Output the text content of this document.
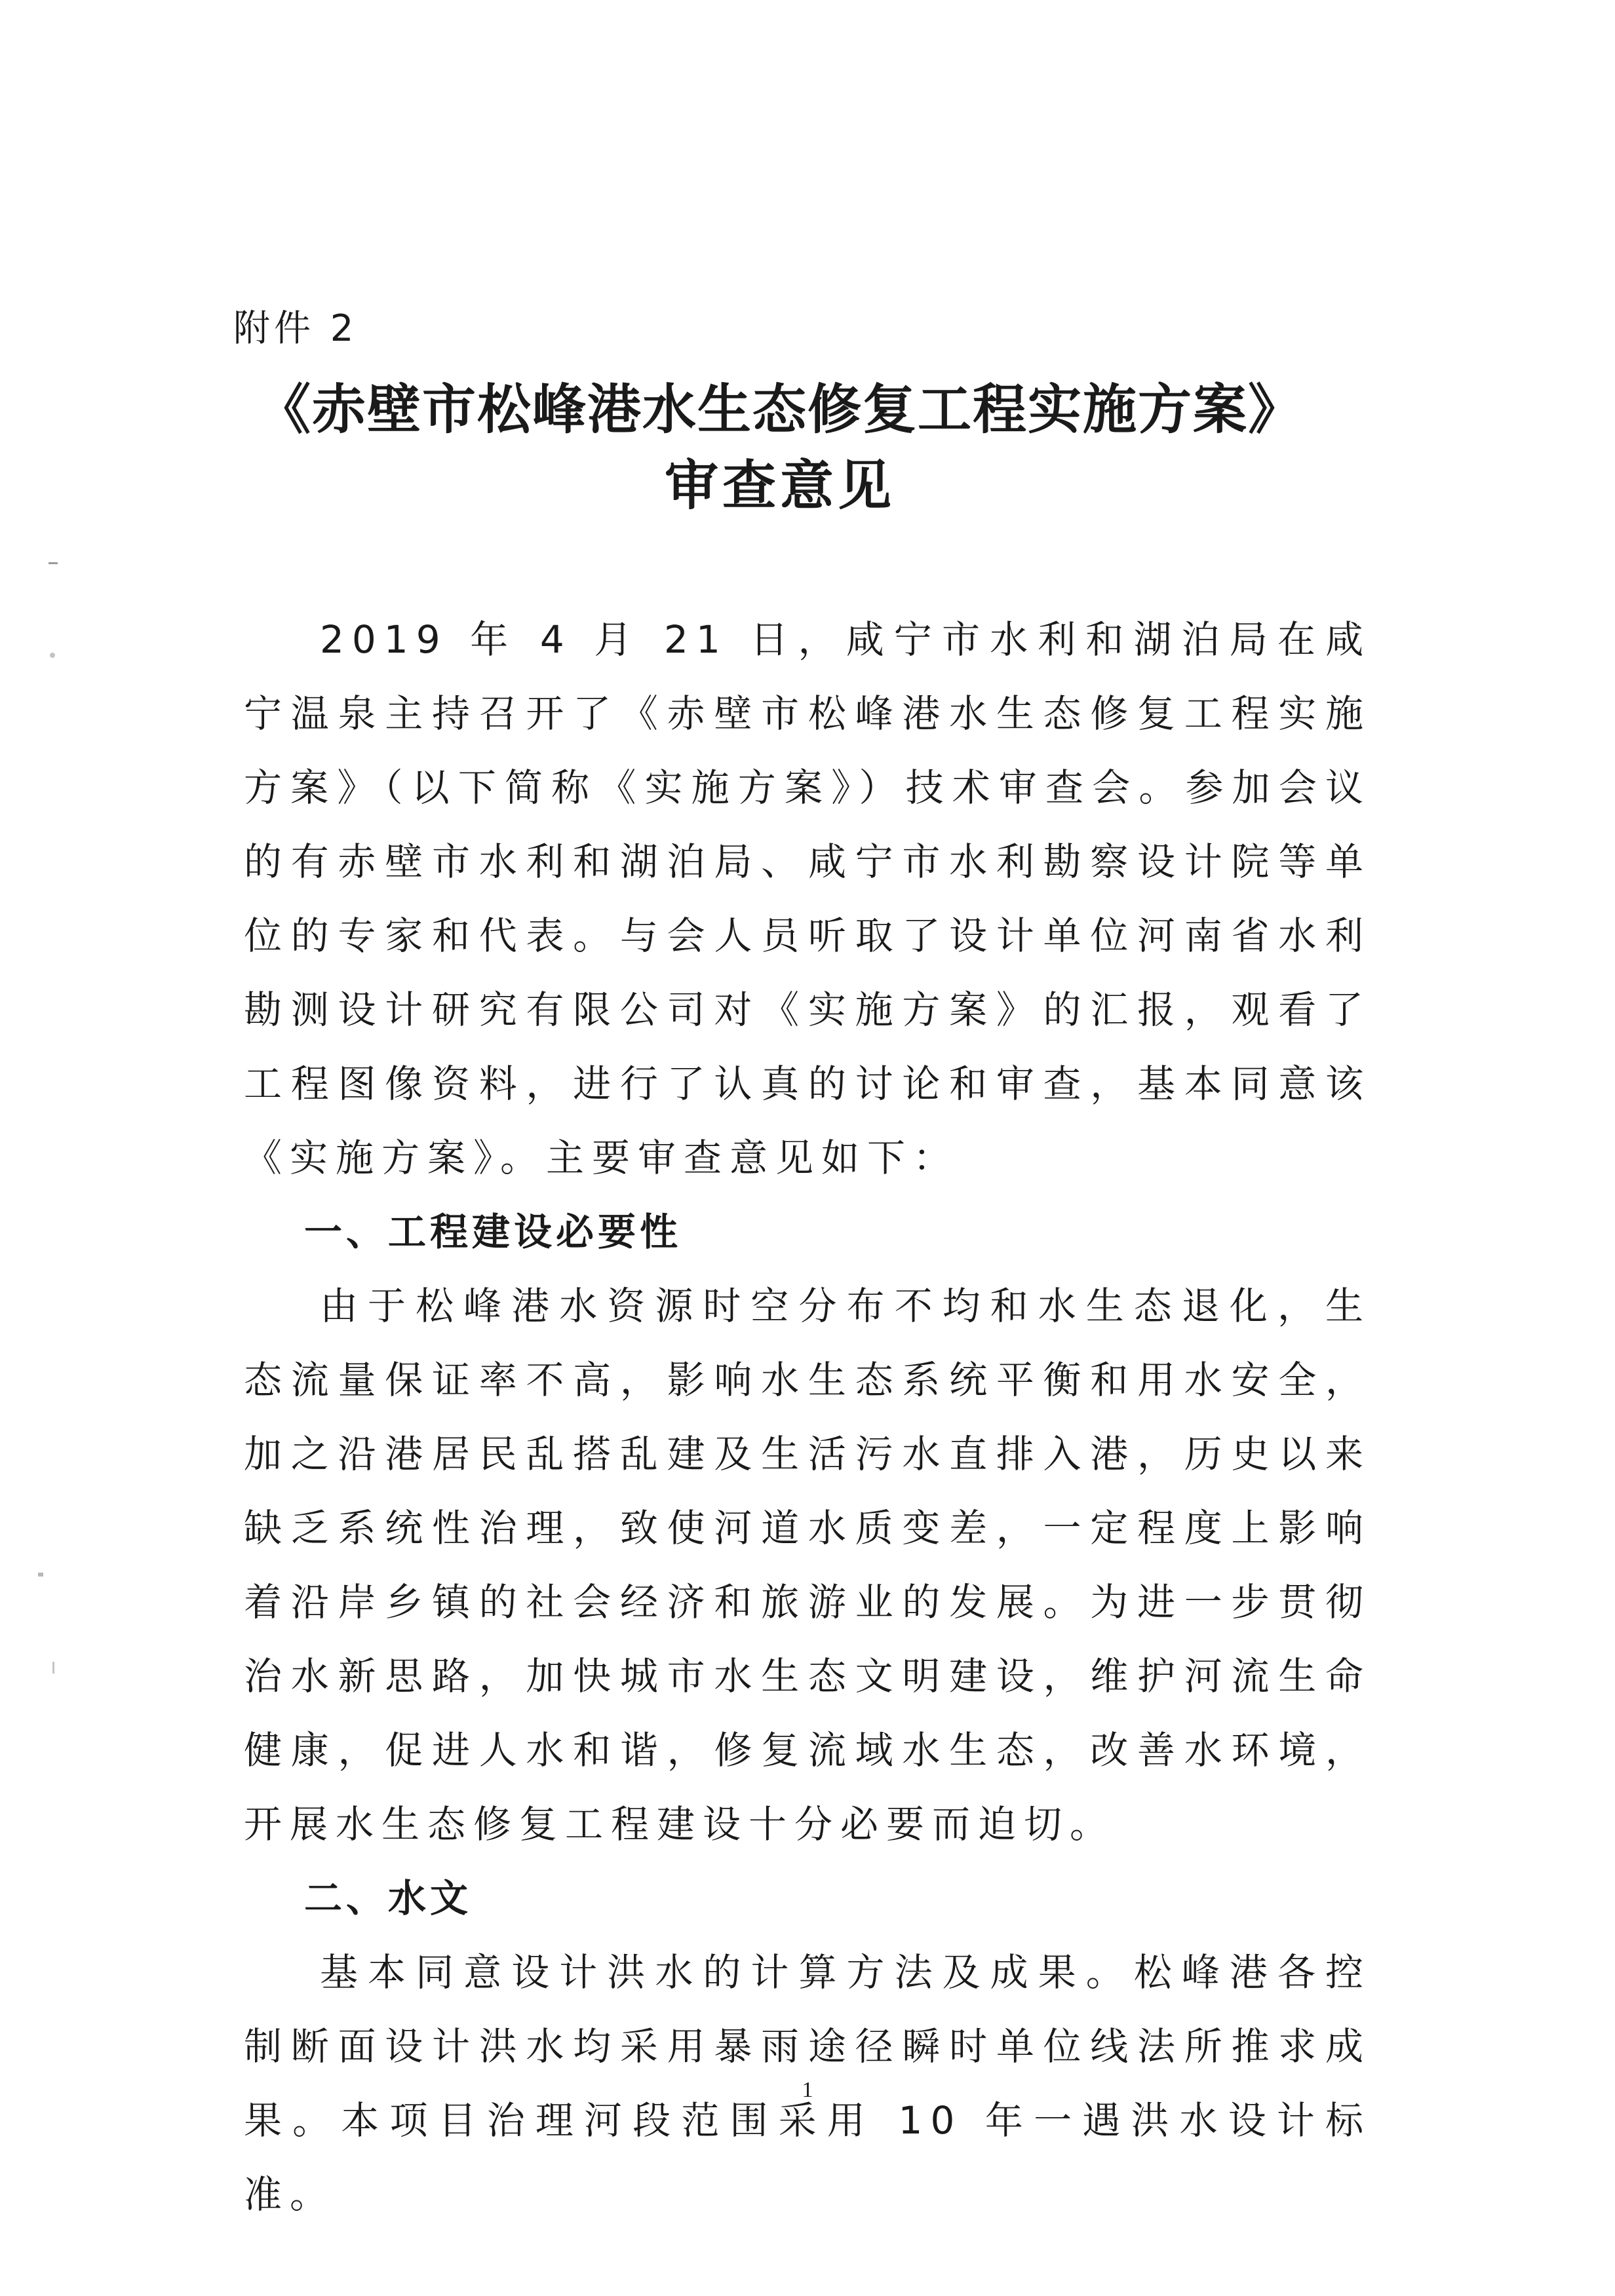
附件 2
《赤壁市松峰港水生态修复工程实施方案》
审查意见

2019 年 4 月 21 日，咸宁市水利和湖泊局在咸宁温泉主持召开了《赤壁市松峰港水生态修复工程实施方案》（以下简称《实施方案》）技术审查会。参加会议的有赤壁市水利和湖泊局、咸宁市水利勘察设计院等单位的专家和代表。与会人员听取了设计单位河南省水利勘测设计研究有限公司对《实施方案》的汇报，观看了工程图像资料，进行了认真的讨论和审查，基本同意该《实施方案》。主要审查意见如下：

一、工程建设必要性

由于松峰港水资源时空分布不均和水生态退化，生态流量保证率不高，影响水生态系统平衡和用水安全，加之沿港居民乱搭乱建及生活污水直排入港，历史以来缺乏系统性治理，致使河道水质变差，一定程度上影响着沿岸乡镇的社会经济和旅游业的发展。为进一步贯彻治水新思路，加快城市水生态文明建设，维护河流生命健康，促进人水和谐，修复流域水生态，改善水环境，开展水生态修复工程建设十分必要而迫切。

二、水文

基本同意设计洪水的计算方法及成果。松峰港各控制断面设计洪水均采用暴雨途径瞬时单位线法所推求成果。本项目治理河段范围采用 10 年一遇洪水设计标准。

1
